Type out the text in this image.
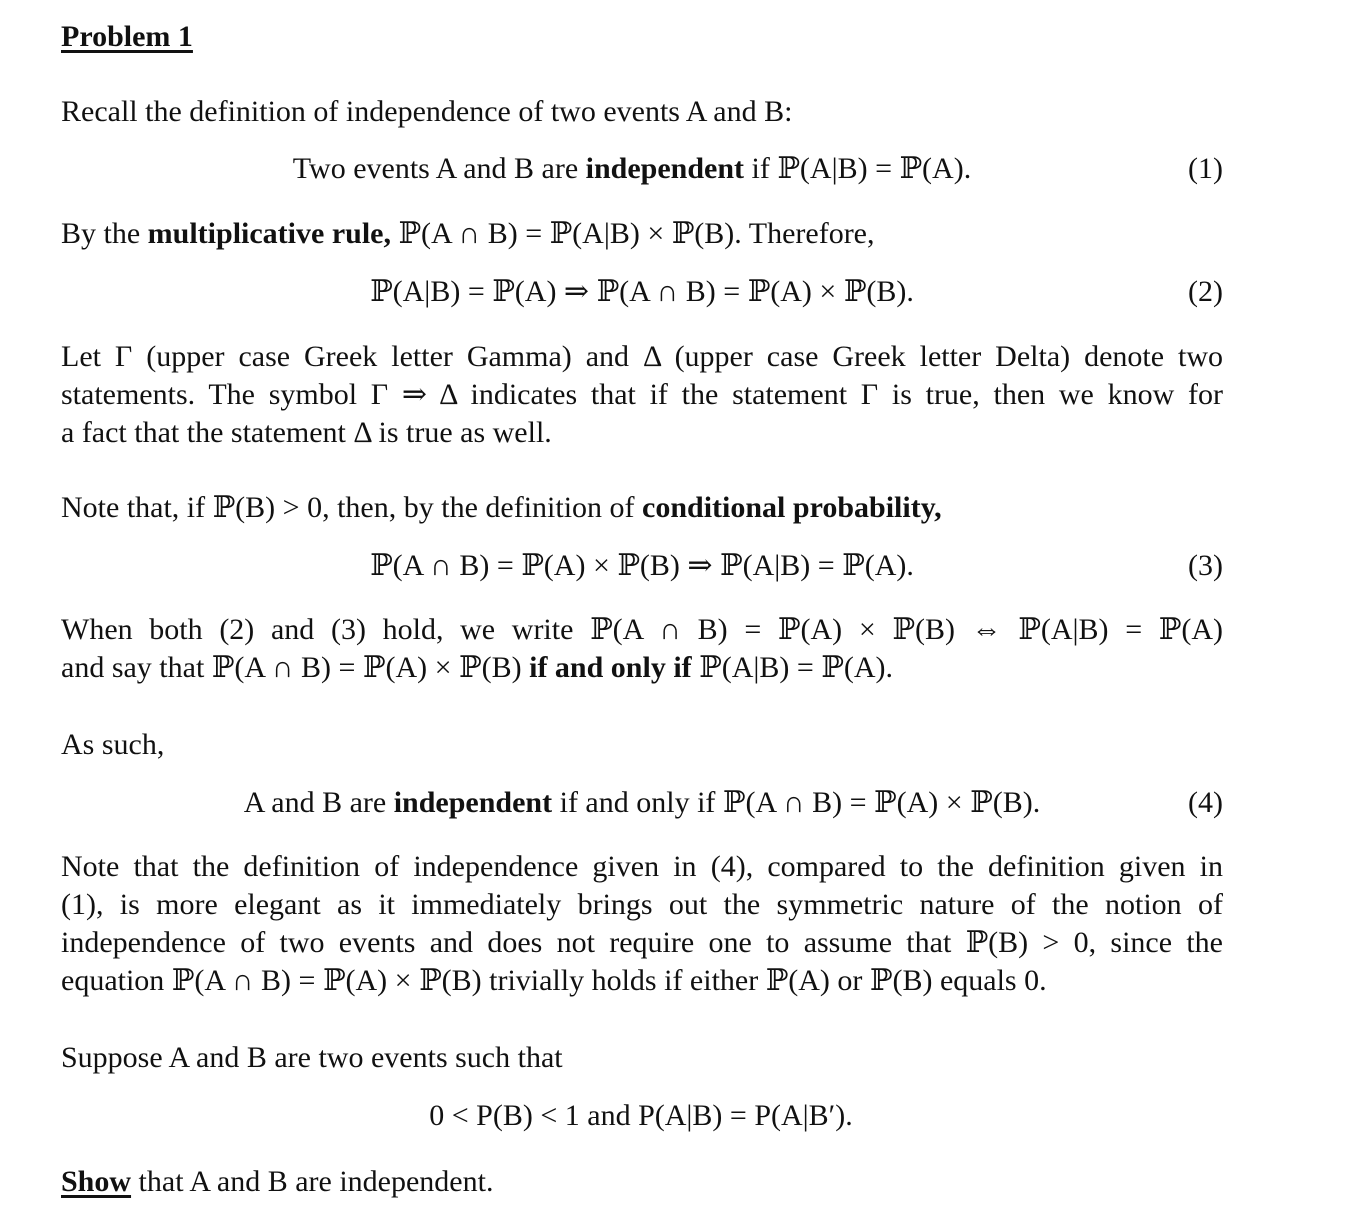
Problem 1
Recall the definition of independence of two events A and B:
Two events A and B are independent if ℙ(A|B) = ℙ(A).	(1)
By the multiplicative rule, ℙ(A ∩ B) = ℙ(A|B) × ℙ(B). Therefore,
ℙ(A|B) = ℙ(A) ⇒ ℙ(A ∩ B) = ℙ(A) × ℙ(B).	(2)
Let Γ (upper case Greek letter Gamma) and Δ (upper case Greek letter Delta) denote two
statements. The symbol Γ ⇒ Δ indicates that if the statement Γ is true, then we know for
a fact that the statement Δ is true as well.
Note that, if ℙ(B) > 0, then, by the definition of conditional probability,
ℙ(A ∩ B) = ℙ(A) × ℙ(B) ⇒ ℙ(A|B) = ℙ(A).	(3)
When both (2) and (3) hold, we write ℙ(A ∩ B) = ℙ(A) × ℙ(B) ⇔ ℙ(A|B) = ℙ(A)
and say that ℙ(A ∩ B) = ℙ(A) × ℙ(B) if and only if ℙ(A|B) = ℙ(A).
As such,
A and B are independent if and only if ℙ(A ∩ B) = ℙ(A) × ℙ(B).	(4)
Note that the definition of independence given in (4), compared to the definition given in
(1), is more elegant as it immediately brings out the symmetric nature of the notion of
independence of two events and does not require one to assume that ℙ(B) > 0, since the
equation ℙ(A ∩ B) = ℙ(A) × ℙ(B) trivially holds if either ℙ(A) or ℙ(B) equals 0.
Suppose A and B are two events such that
0 < P(B) < 1 and P(A|B) = P(A|B′).
Show that A and B are independent.
